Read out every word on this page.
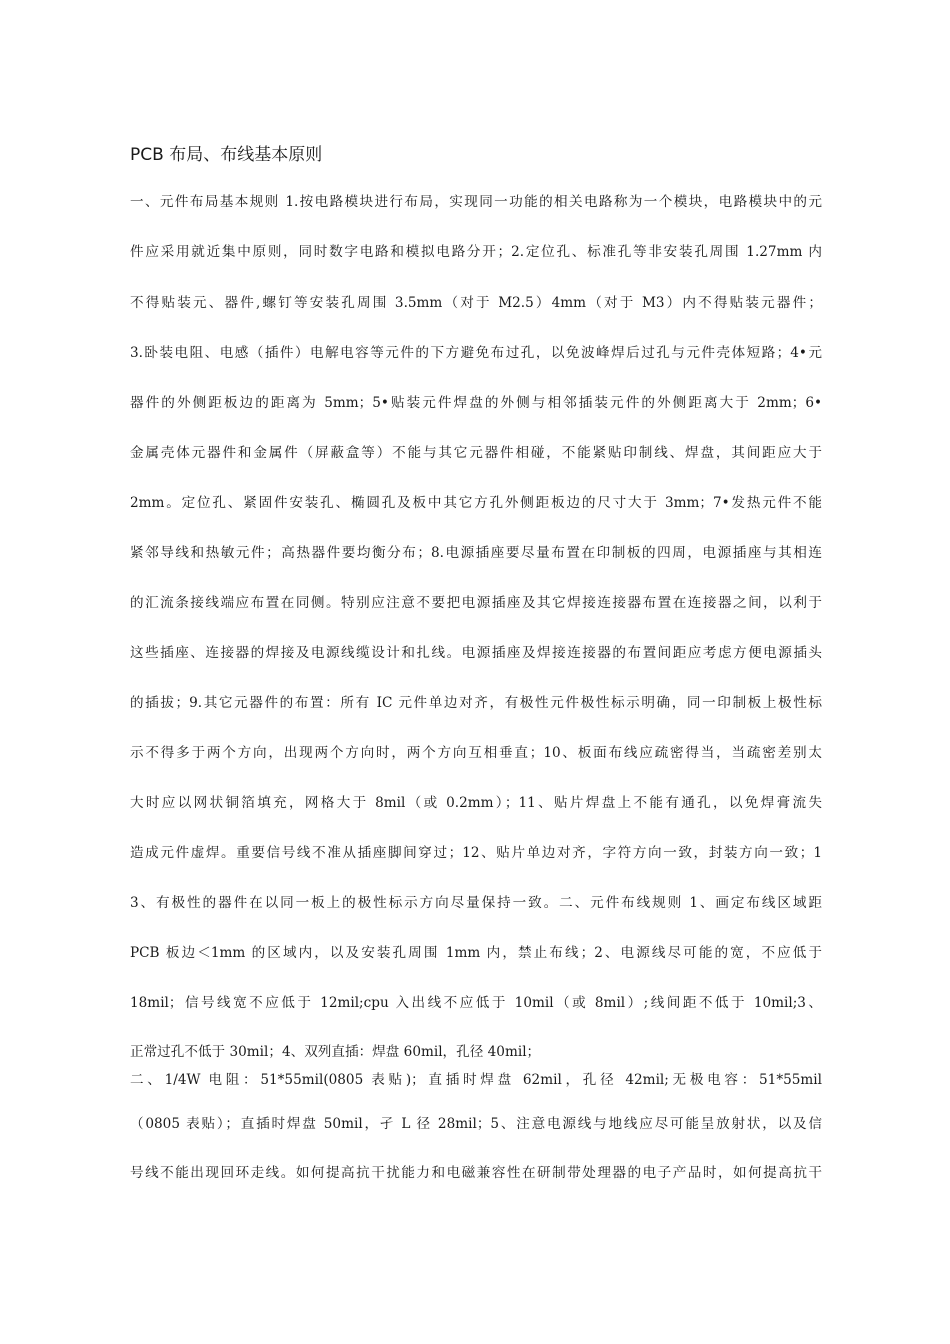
PCB 布局、布线基本原则
一、元件布局基本规则 1.按电路模块进行布局，实现同一功能的相关电路称为一个模块，电路模块中的元
件应采用就近集中原则，同时数字电路和模拟电路分开；2.定位孔、标准孔等非安装孔周围 1.27mm 内
不得贴装元、器件,螺钉等安装孔周围 3.5mm（对于 M2.5）4mm（对于 M3）内不得贴装元器件；
3.卧装电阻、电感（插件）电解电容等元件的下方避免布过孔，以免波峰焊后过孔与元件壳体短路；4•元
器件的外侧距板边的距离为 5mm；5•贴装元件焊盘的外侧与相邻插装元件的外侧距离大于 2mm；6•
金属壳体元器件和金属件（屏蔽盒等）不能与其它元器件相碰，不能紧贴印制线、焊盘，其间距应大于
2mm。定位孔、紧固件安装孔、椭圆孔及板中其它方孔外侧距板边的尺寸大于 3mm；7•发热元件不能
紧邻导线和热敏元件；高热器件要均衡分布；8.电源插座要尽量布置在印制板的四周，电源插座与其相连
的汇流条接线端应布置在同侧。特别应注意不要把电源插座及其它焊接连接器布置在连接器之间，以利于
这些插座、连接器的焊接及电源线缆设计和扎线。电源插座及焊接连接器的布置间距应考虑方便电源插头
的插拔；9.其它元器件的布置：所有 IC 元件单边对齐，有极性元件极性标示明确，同一印制板上极性标
示不得多于两个方向，出现两个方向时，两个方向互相垂直；10、板面布线应疏密得当，当疏密差别太
大时应以网状铜箔填充，网格大于 8mil（或 0.2mm）；11、贴片焊盘上不能有通孔，以免焊膏流失
造成元件虚焊。重要信号线不准从插座脚间穿过；12、贴片单边对齐，字符方向一致，封装方向一致；1
3、有极性的器件在以同一板上的极性标示方向尽量保持一致。二、元件布线规则 1、画定布线区域距
PCB 板边＜1mm 的区域内，以及安装孔周围 1mm 内，禁止布线；2、电源线尽可能的宽，不应低于
18mil；信号线宽不应低于 12mil;cpu 入出线不应低于 10mil（或 8mil）;线间距不低于 10mil;3、
正常过孔不低于 30mil；4、双列直插：焊盘 60mil，孔径 40mil；
二、1/4W 电阻：51*55mil(0805 表贴)；直插时焊盘 62mil，孔径 42mil;无极电容：51*55mil
（0805 表贴）；直插时焊盘 50mil，孑 L 径 28mil；5、注意电源线与地线应尽可能呈放射状，以及信
号线不能出现回环走线。如何提高抗干扰能力和电磁兼容性在研制带处理器的电子产品时，如何提高抗干
